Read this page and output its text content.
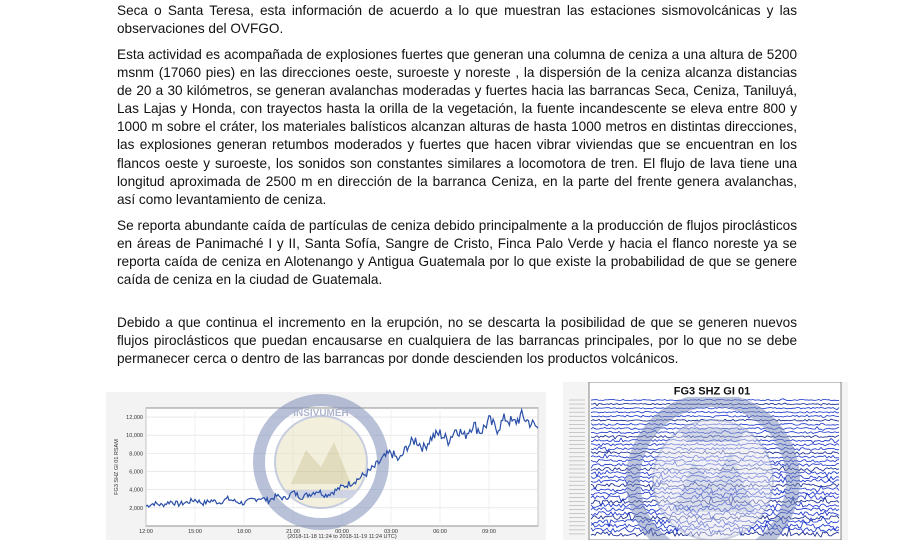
Seca o Santa Teresa, esta información de acuerdo a lo que muestran las estaciones sismovolcánicas y las observaciones del OVFGO.

Esta actividad es acompañada de explosiones fuertes que generan una columna de ceniza a una altura de 5200 msnm (17060 pies) en las direcciones oeste, suroeste y noreste , la dispersión de la ceniza alcanza distancias de 20 a 30 kilómetros, se generan avalanchas moderadas y fuertes hacia las barrancas Seca, Ceniza, Taniluyá, Las Lajas y Honda, con trayectos hasta la orilla de la vegetación, la fuente incandescente se eleva entre 800 y 1000 m sobre el cráter, los materiales balísticos alcanzan alturas de hasta 1000 metros en distintas direcciones, las explosiones generan retumbos moderados y fuertes que hacen vibrar viviendas que se encuentran en los flancos oeste y suroeste, los sonidos son constantes similares a locomotora de tren. El flujo de lava tiene una longitud aproximada de 2500 m en dirección de la barranca Ceniza, en la parte del frente genera avalanchas, así como levantamiento de ceniza.

Se reporta abundante caída de partículas de ceniza debido principalmente a la producción de flujos piroclásticos en áreas de Panimaché I y II, Santa Sofía, Sangre de Cristo, Finca Palo Verde y hacia el flanco noreste ya se reporta caída de ceniza en Alotenango y Antigua Guatemala por lo que existe la probabilidad de que se genere caída de ceniza en la ciudad de Guatemala.

Debido a que continua el incremento en la erupción, no se descarta la posibilidad de que se generen nuevos flujos piroclásticos que puedan encausarse en cualquiera de las barrancas principales, por lo que no se debe permanecer cerca o dentro de las barrancas por donde descienden los productos volcánicos.

INSIVUMEH
2,000
4,000
6,000
8,000
10,000
12,000
12:00	15:00	18:00	21:00	00:00	03:00	06:00	09:00
FG3 SHZ GI 01 RSAM
(2018-11-18 11:24 to 2018-11-19 11:24 UTC)
FG3 SHZ GI 01
